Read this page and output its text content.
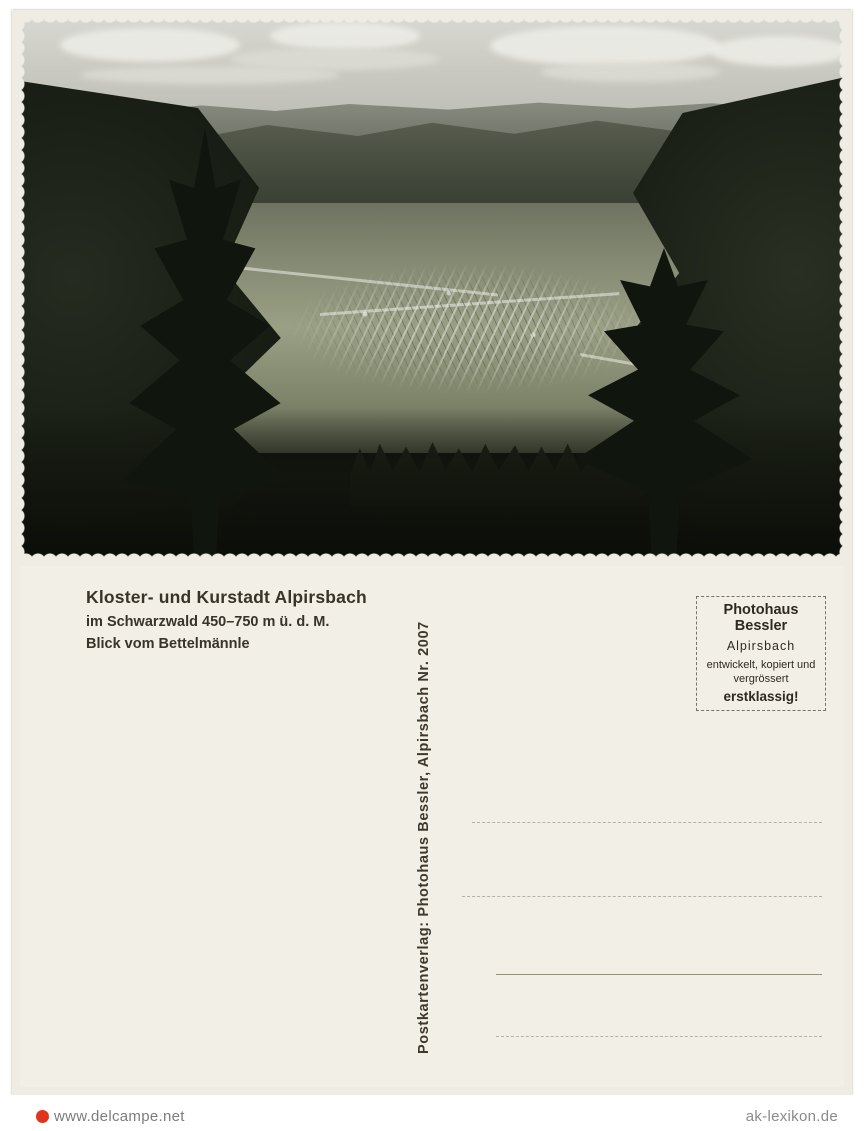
Kloster- und Kurstadt Alpirsbach
im Schwarzwald 450–750 m ü. d. M.
Blick vom Bettelmännle	Postkartenverlag: Photohaus Bessler, Alpirsbach Nr. 2007
Photohaus
Bessler
Alpirsbach
entwickelt, kopiert und vergrössert
erstklassig!
www.delcampe.net	ak-lexikon.de
